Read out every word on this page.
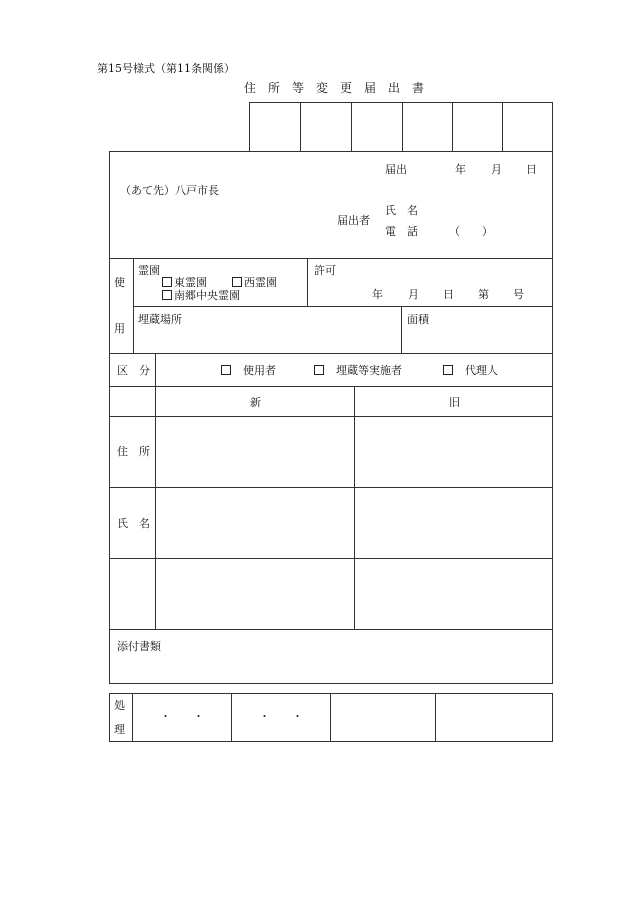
第15号様式（第11条関係）
住　所　等　変　更　届　出　書
届出	年 月 日
（あて先）八戸市長
届出者
氏　名
電　話	（　　）
使
用
霊園
東霊園	西霊園
南郷中央霊園
許可
年 月 日 第 号
埋蔵場所	面積
区　分	使用者	埋蔵等実施者	代理人
新	旧
住　所
氏　名
添付書類
処
理
・　　・	・　　・
